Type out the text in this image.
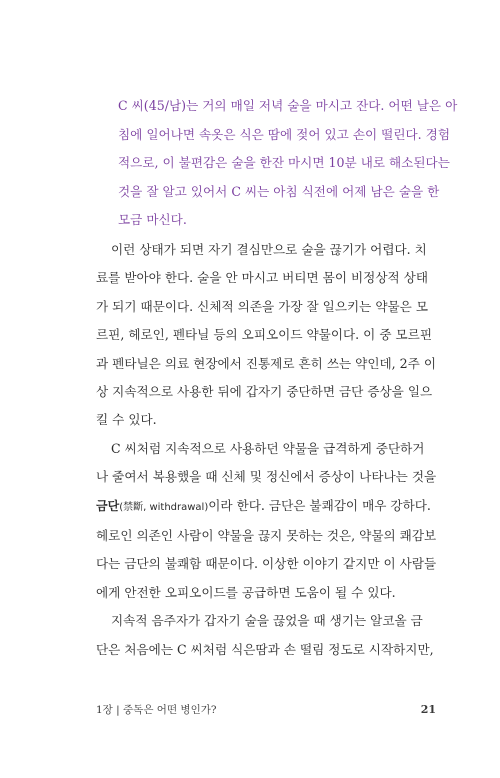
C 씨(45/남)는 거의 매일 저녁 술을 마시고 잔다. 어떤 날은 아
침에 일어나면 속옷은 식은 땀에 젖어 있고 손이 떨린다. 경험
적으로, 이 불편감은 술을 한잔 마시면 10분 내로 해소된다는
것을 잘 알고 있어서 C 씨는 아침 식전에 어제 남은 술을 한
모금 마신다.
이런 상태가 되면 자기 결심만으로 술을 끊기가 어렵다. 치
료를 받아야 한다. 술을 안 마시고 버티면 몸이 비정상적 상태
가 되기 때문이다. 신체적 의존을 가장 잘 일으키는 약물은 모
르핀, 헤로인, 펜타닐 등의 오피오이드 약물이다. 이 중 모르핀
과 펜타닐은 의료 현장에서 진통제로 흔히 쓰는 약인데, 2주 이
상 지속적으로 사용한 뒤에 갑자기 중단하면 금단 증상을 일으
킬 수 있다.
C 씨처럼 지속적으로 사용하던 약물을 급격하게 중단하거
나 줄여서 복용했을 때 신체 및 정신에서 증상이 나타나는 것을
금단(禁斷, withdrawal)이라 한다. 금단은 불쾌감이 매우 강하다.
헤로인 의존인 사람이 약물을 끊지 못하는 것은, 약물의 쾌감보
다는 금단의 불쾌함 때문이다. 이상한 이야기 같지만 이 사람들
에게 안전한 오피오이드를 공급하면 도움이 될 수 있다.
지속적 음주자가 갑자기 술을 끊었을 때 생기는 알코올 금
단은 처음에는 C 씨처럼 식은땀과 손 떨림 정도로 시작하지만,
1장 | 중독은 어떤 병인가?	21
